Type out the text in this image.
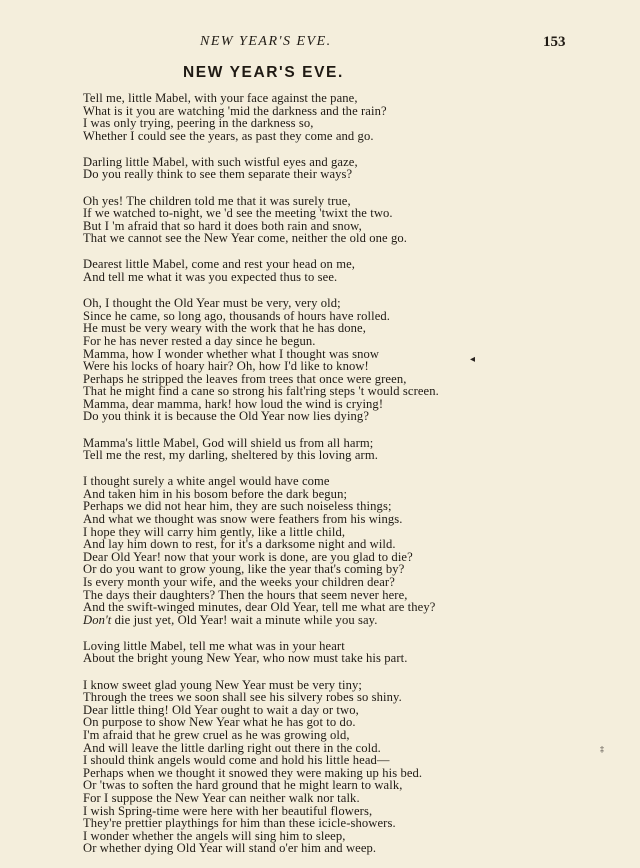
NEW YEAR'S EVE.	153
NEW YEAR'S EVE.
Tell me, little Mabel, with your face against the pane,
What is it you are watching 'mid the darkness and the rain?
I was only trying, peering in the darkness so,
Whether I could see the years, as past they come and go.
Darling little Mabel, with such wistful eyes and gaze,
Do you really think to see them separate their ways?
Oh yes! The children told me that it was surely true,
If we watched to-night, we 'd see the meeting 'twixt the two.
But I 'm afraid that so hard it does both rain and snow,
That we cannot see the New Year come, neither the old one go.
Dearest little Mabel, come and rest your head on me,
And tell me what it was you expected thus to see.
Oh, I thought the Old Year must be very, very old;
Since he came, so long ago, thousands of hours have rolled.
He must be very weary with the work that he has done,
For he has never rested a day since he begun.
Mamma, how I wonder whether what I thought was snow
Were his locks of hoary hair? Oh, how I'd like to know!
Perhaps he stripped the leaves from trees that once were green,
That he might find a cane so strong his falt'ring steps 't would screen.
Mamma, dear mamma, hark! how loud the wind is crying!
Do you think it is because the Old Year now lies dying?
Mamma's little Mabel, God will shield us from all harm;
Tell me the rest, my darling, sheltered by this loving arm.
I thought surely a white angel would have come
And taken him in his bosom before the dark begun;
Perhaps we did not hear him, they are such noiseless things;
And what we thought was snow were feathers from his wings.
I hope they will carry him gently, like a little child,
And lay him down to rest, for it's a darksome night and wild.
Dear Old Year! now that your work is done, are you glad to die?
Or do you want to grow young, like the year that's coming by?
Is every month your wife, and the weeks your children dear?
The days their daughters? Then the hours that seem never here,
And the swift-winged minutes, dear Old Year, tell me what are they?
Don't die just yet, Old Year! wait a minute while you say.
Loving little Mabel, tell me what was in your heart
About the bright young New Year, who now must take his part.
I know sweet glad young New Year must be very tiny;
Through the trees we soon shall see his silvery robes so shiny.
Dear little thing! Old Year ought to wait a day or two,
On purpose to show New Year what he has got to do.
I'm afraid that he grew cruel as he was growing old,
And will leave the little darling right out there in the cold.
I should think angels would come and hold his little head—
Perhaps when we thought it snowed they were making up his bed.
Or 'twas to soften the hard ground that he might learn to walk,
For I suppose the New Year can neither walk nor talk.
I wish Spring-time were here with her beautiful flowers,
They're prettier playthings for him than these icicle-showers.
I wonder whether the angels will sing him to sleep,
Or whether dying Old Year will stand o'er him and weep.
◂
‡
